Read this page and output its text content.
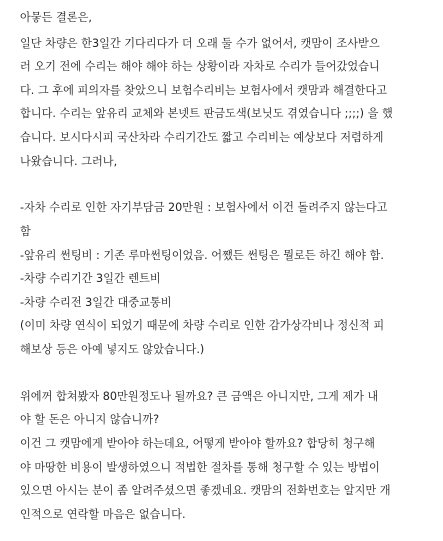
아뭏든 결론은,

일단 차량은 한3일간 기다리다가 더 오래 둘 수가 없어서, 캣맘이 조사받으

러 오기 전에 수리는 해야 해야 하는 상황이라 자차로 수리가 들어갔었습니

다. 그 후에 피의자를 찾았으니 보험수리비는 보험사에서 캣맘과 해결한다고

합니다. 수리는 앞유리 교체와 본넷트 판금도색(보닛도 겪였습니다 ;;;;) 을 했

습니다. 보시다시피 국산차라 수리기간도 짧고 수리비는 예상보다 저렴하게

나왔습니다. 그러나,

-자차 수리로 인한 자기부담금 20만원 : 보험사에서 이건 돌려주지 않는다고

함

-앞유리 썬팅비 : 기존 루마썬팅이었음. 어쨌든 썬팅은 뭘로든 하긴 해야 함.

-차량 수리기간 3일간 렌트비

-차량 수리전 3일간 대중교통비

(이미 차량 연식이 되었기 때문에 차량 수리로 인한 감가상각비나 정신적 피

해보상 등은 아예 넣지도 않았습니다.)

위에꺼 합쳐봤자 80만원정도나 될까요? 큰 금액은 아니지만, 그게 제가 내

야 할 돈은 아니지 않습니까?

이건 그 캣맘에게 받아야 하는데요, 어떻게 받아야 할까요? 합당히 청구해

야 마땅한 비용이 발생하였으니 적법한 절차를 통해 청구할 수 있는 방법이

있으면 아시는 분이 좀 알려주셨으면 좋겠네요. 캣맘의 전화번호는 알지만 개

인적으로 연락할 마음은 없습니다.
